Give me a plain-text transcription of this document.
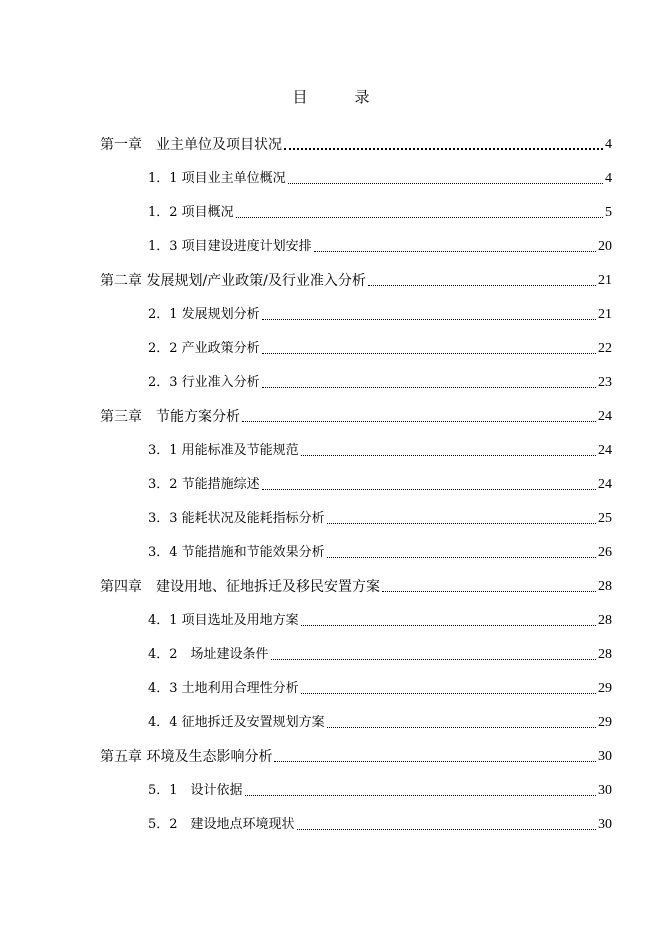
目　录
第一章　业主单位及项目状况	4
1．1 项目业主单位概况	4
1．2 项目概况	5
1．3 项目建设进度计划安排	20
第二章 发展规划/产业政策/及行业准入分析	21
2．1 发展规划分析	21
2．2 产业政策分析	22
2．3 行业准入分析	23
第三章　节能方案分析	24
3．1 用能标准及节能规范	24
3．2 节能措施综述	24
3．3 能耗状况及能耗指标分析	25
3．4 节能措施和节能效果分析	26
第四章　建设用地、征地拆迁及移民安置方案	28
4．1 项目选址及用地方案	28
4．2　场址建设条件	28
4．3 土地利用合理性分析	29
4．4 征地拆迁及安置规划方案	29
第五章 环境及生态影响分析	30
5．1　设计依据	30
5．2　建设地点环境现状	30
